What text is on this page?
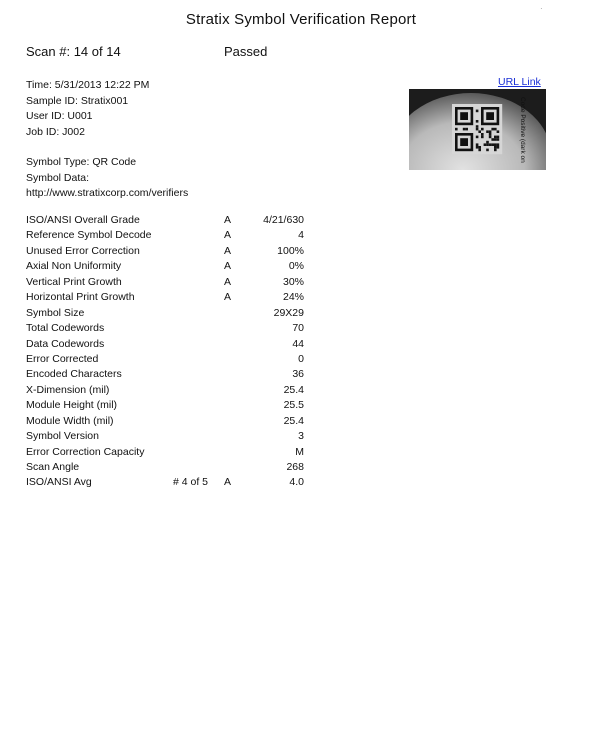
Stratix Symbol Verification Report
·
Scan #: 14 of 14	Passed
Time: 5/31/2013 12:22 PM
Sample ID: Stratix001
User ID: U001
Job ID: J002
Symbol Type: QR Code
Symbol Data:
http://www.stratixcorp.com/verifiers
URL Link
Code Positive (dark on
ISO/ANSI Overall Grade	A	4/21/630
Reference Symbol Decode	A	4
Unused Error Correction	A	100%
Axial Non Uniformity	A	0%
Vertical Print Growth	A	30%
Horizontal Print Growth	A	24%
Symbol Size	29X29
Total Codewords	70
Data Codewords	44
Error Corrected	0
Encoded Characters	36
X-Dimension (mil)	25.4
Module Height (mil)	25.5
Module Width (mil)	25.4
Symbol Version	3
Error Correction Capacity	M
Scan Angle	268
ISO/ANSI Avg	# 4 of 5 A	4.0
